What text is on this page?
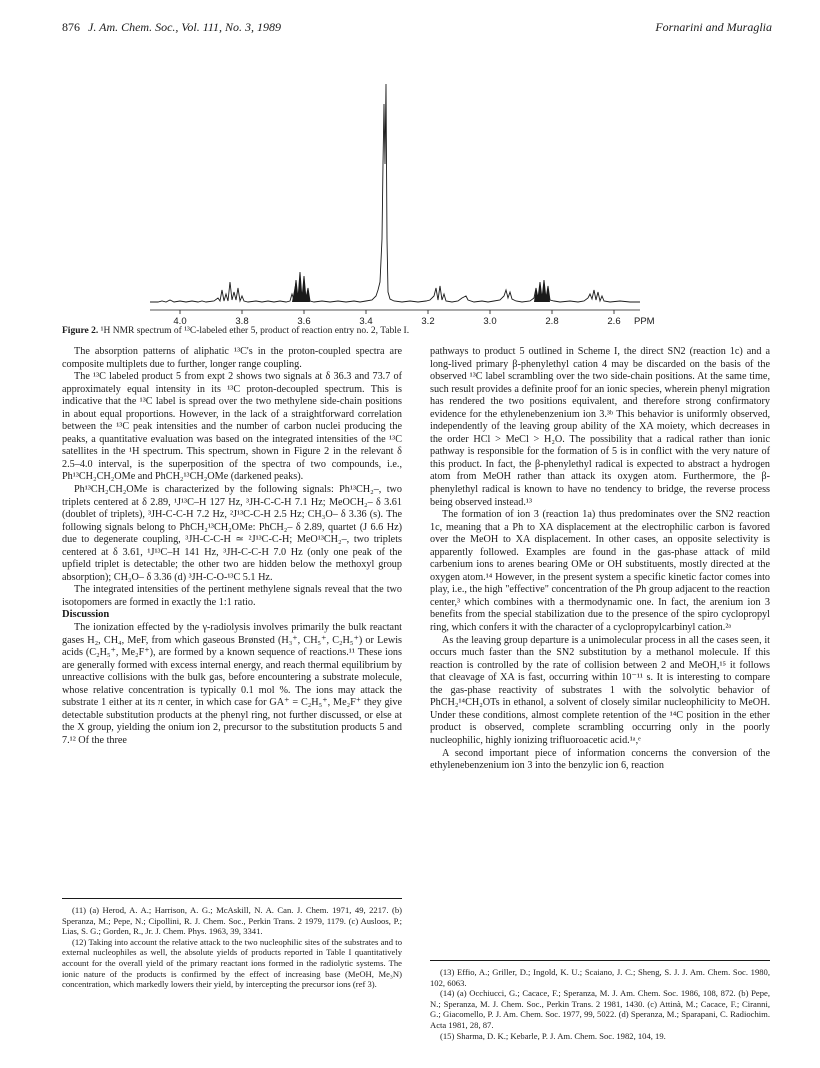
876 J. Am. Chem. Soc., Vol. 111, No. 3, 1989	Fornarini and Muraglia
4.0	3.8	3.6	3.4	3.2	3.0	2.8	2.6 PPM
Figure 2. ¹H NMR spectrum of ¹³C-labeled ether 5, product of reaction entry no. 2, Table I.

The absorption patterns of aliphatic ¹³C's in the proton-coupled spectra are composite multiplets due to further, longer range coupling.

The ¹³C labeled product 5 from expt 2 shows two signals at δ 36.3 and 73.7 of approximately equal intensity in its ¹³C proton-decoupled spectrum. This is indicative that the ¹³C label is spread over the two methylene side-chain positions in about equal proportions. However, in the lack of a straightforward correlation between the ¹³C peak intensities and the number of carbon nuclei producing the peaks, a quantitative evaluation was based on the integrated intensities of the ¹³C satellites in the ¹H spectrum. This spectrum, shown in Figure 2 in the relevant δ 2.5–4.0 interval, is the superposition of the spectra of two compounds, i.e., Ph¹³CH₂CH₂OMe and PhCH₂¹³CH₂OMe (darkened peaks).

Ph¹³CH₂CH₂OMe is characterized by the following signals: Ph¹³CH₂–, two triplets centered at δ 2.89, ¹J¹³C–H 127 Hz, ³JH-C-C-H 7.1 Hz; MeOCH₂– δ 3.61 (doublet of triplets), ³JH-C-C-H 7.2 Hz, ²J¹³C-C-H 2.5 Hz; CH₃O– δ 3.36 (s). The following signals belong to PhCH₂¹³CH₂OMe: PhCH₂– δ 2.89, quartet (J 6.6 Hz) due to degenerate coupling, ³JH-C-C-H ≃ ²J¹³C-C-H; MeO¹³CH₂–, two triplets centered at δ 3.61, ¹J¹³C–H 141 Hz, ³JH-C-C-H 7.0 Hz (only one peak of the upfield triplet is detectable; the other two are hidden below the methoxyl group absorption); CH₃O– δ 3.36 (d) ³JH-C-O-¹³C 5.1 Hz.

The integrated intensities of the pertinent methylene signals reveal that the two isotopomers are formed in exactly the 1:1 ratio.

Discussion

The ionization effected by the γ-radiolysis involves primarily the bulk reactant gases H₂, CH₄, MeF, from which gaseous Brønsted (H₃⁺, CH₅⁺, C₂H₅⁺) or Lewis acids (C₂H₅⁺, Me₂F⁺), are formed by a known sequence of reactions.¹¹ These ions are generally formed with excess internal energy, and reach thermal equilibrium by unreactive collisions with the bulk gas, before encountering a substrate molecule, whose relative concentration is typically 0.1 mol %. The ions may attack the substrate 1 either at its π center, in which case for GA⁺ = C₂H₅⁺, Me₂F⁺ they give detectable substitution products at the phenyl ring, not further discussed, or else at the X group, yielding the onium ion 2, precursor to the substitution products 5 and 7.¹² Of the three

pathways to product 5 outlined in Scheme I, the direct SN2 (reaction 1c) and a long-lived primary β-phenylethyl cation 4 may be discarded on the basis of the observed ¹³C label scrambling over the two side-chain positions. At the same time, such result provides a definite proof for an ionic species, wherein phenyl migration has rendered the two positions equivalent, and therefore strong confirmatory evidence for the ethylenebenzenium ion 3.³ᵇ This behavior is uniformly observed, independently of the leaving group ability of the XA moiety, which decreases in the order HCl > MeCl > H₂O. The possibility that a radical rather than ionic pathway is responsible for the formation of 5 is in conflict with the very nature of this product. In fact, the β-phenylethyl radical is expected to abstract a hydrogen atom from MeOH rather than attack its oxygen atom. Furthermore, the β-phenylethyl radical is known to have no tendency to bridge, the reverse process being observed instead.¹³

The formation of ion 3 (reaction 1a) thus predominates over the SN2 reaction 1c, meaning that a Ph to XA displacement at the electrophilic carbon is favored over the MeOH to XA displacement. In other cases, an opposite selectivity is apparently followed. Examples are found in the gas-phase attack of mild carbenium ions to arenes bearing OMe or OH substituents, mostly directed at the oxygen atom.¹⁴ However, in the present system a specific kinetic factor comes into play, i.e., the high "effective" concentration of the Ph group adjacent to the reaction center,³ which combines with a thermodynamic one. In fact, the arenium ion 3 benefits from the special stabilization due to the presence of the spiro cyclopropyl ring, which confers it with the character of a cyclopropylcarbinyl cation.²ᵃ

As the leaving group departure is a unimolecular process in all the cases seen, it occurs much faster than the SN2 substitution by a methanol molecule. If this reaction is controlled by the rate of collision between 2 and MeOH,¹⁵ it follows that cleavage of XA is fast, occurring within 10⁻¹¹ s. It is interesting to compare the gas-phase reactivity of substrates 1 with the solvolytic behavior of PhCH₂¹⁴CH₂OTs in ethanol, a solvent of closely similar nucleophilicity to MeOH. Under these conditions, almost complete retention of the ¹⁴C position in the ether product is observed, complete scrambling occurring only in the poorly nucleophilic, highly ionizing trifluoroacetic acid.¹ᵃ,ᵉ

A second important piece of information concerns the conversion of the ethylenebenzenium ion 3 into the benzylic ion 6, reaction

(11) (a) Herod, A. A.; Harrison, A. G.; McAskill, N. A. Can. J. Chem. 1971, 49, 2217. (b) Speranza, M.; Pepe, N.; Cipollini, R. J. Chem. Soc., Perkin Trans. 2 1979, 1179. (c) Ausloos, P.; Lias, S. G.; Gorden, R., Jr. J. Chem. Phys. 1963, 39, 3341.

(12) Taking into account the relative attack to the two nucleophilic sites of the substrates and to external nucleophiles as well, the absolute yields of products reported in Table I quantitatively account for the overall yield of the primary reactant ions formed in the radiolytic systems. The ionic nature of the products is confirmed by the effect of increasing base (MeOH, Me₃N) concentration, which markedly lowers their yield, by intercepting the precursor ions (ref 3).

(13) Effio, A.; Griller, D.; Ingold, K. U.; Scaiano, J. C.; Sheng, S. J. J. Am. Chem. Soc. 1980, 102, 6063.

(14) (a) Occhiucci, G.; Cacace, F.; Speranza, M. J. Am. Chem. Soc. 1986, 108, 872. (b) Pepe, N.; Speranza, M. J. Chem. Soc., Perkin Trans. 2 1981, 1430. (c) Attinà, M.; Cacace, F.; Ciranni, G.; Giacomello, P. J. Am. Chem. Soc. 1977, 99, 5022. (d) Speranza, M.; Sparapani, C. Radiochim. Acta 1981, 28, 87.

(15) Sharma, D. K.; Kebarle, P. J. Am. Chem. Soc. 1982, 104, 19.
